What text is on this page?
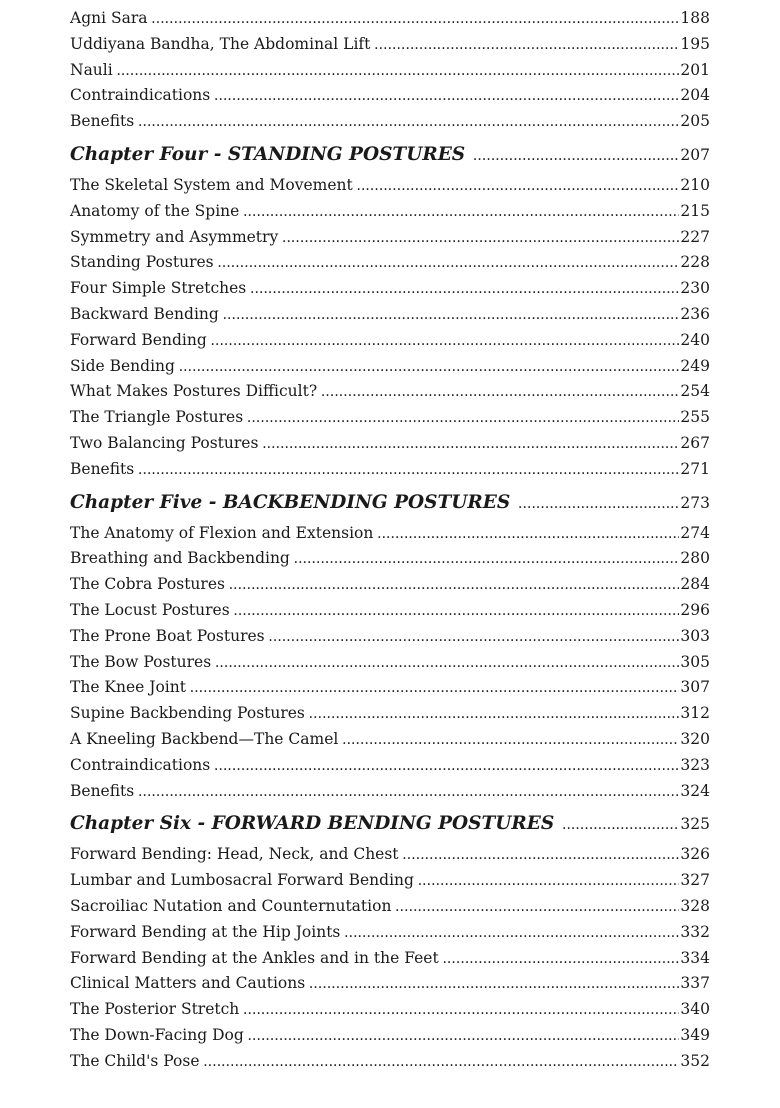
Agni Sara .....	188
Uddiyana Bandha, The Abdominal Lift .....	195
Nauli .....	201
Contraindications .....	204
Benefits .....	205
Chapter Four - STANDING POSTURES .....	207
The Skeletal System and Movement .....	210
Anatomy of the Spine .....	215
Symmetry and Asymmetry .....	227
Standing Postures .....	228
Four Simple Stretches .....	230
Backward Bending .....	236
Forward Bending .....	240
Side Bending .....	249
What Makes Postures Difficult? .....	254
The Triangle Postures .....	255
Two Balancing Postures .....	267
Benefits .....	271
Chapter Five - BACKBENDING POSTURES .....	273
The Anatomy of Flexion and Extension .....	274
Breathing and Backbending .....	280
The Cobra Postures .....	284
The Locust Postures .....	296
The Prone Boat Postures .....	303
The Bow Postures .....	305
The Knee Joint .....	307
Supine Backbending Postures .....	312
A Kneeling Backbend—The Camel .....	320
Contraindications .....	323
Benefits .....	324
Chapter Six - FORWARD BENDING POSTURES .....	325
Forward Bending: Head, Neck, and Chest .....	326
Lumbar and Lumbosacral Forward Bending .....	327
Sacroiliac Nutation and Counternutation .....	328
Forward Bending at the Hip Joints .....	332
Forward Bending at the Ankles and in the Feet .....	334
Clinical Matters and Cautions .....	337
The Posterior Stretch .....	340
The Down-Facing Dog .....	349
The Child's Pose .....	352
